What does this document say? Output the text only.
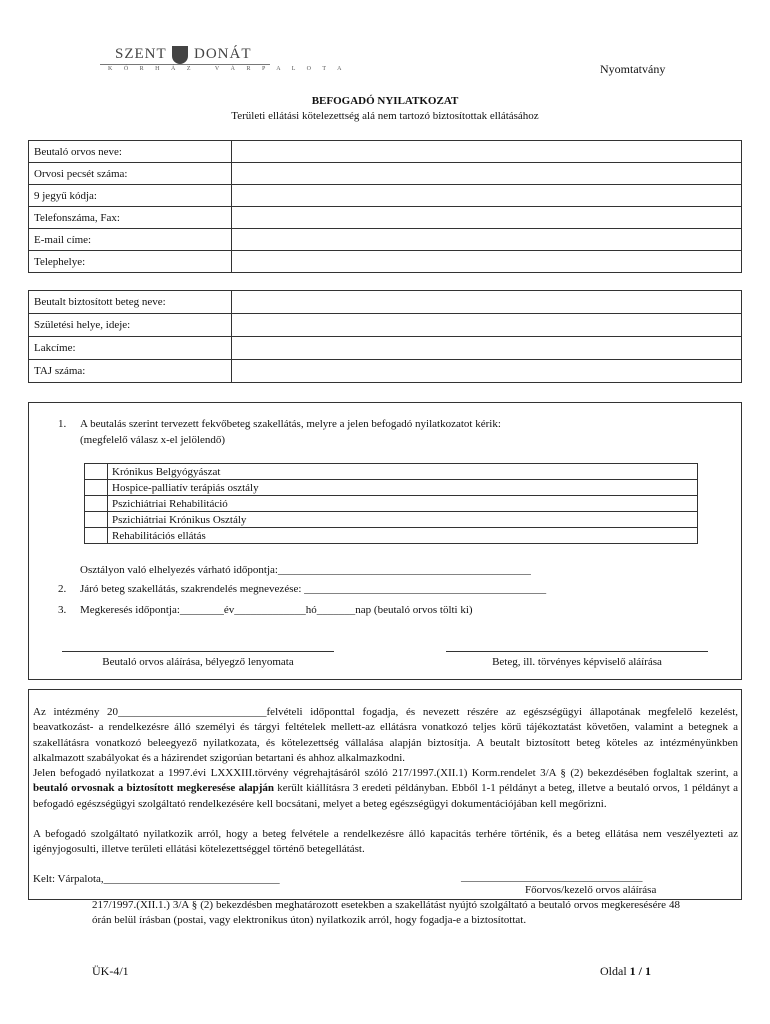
SZENT DONÁT
K Ó R H Á Z   V Á R P A L O T A	Nyomtatvány
BEFOGADÓ NYILATKOZAT
Területi ellátási kötelezettség alá nem tartozó biztosítottak ellátásához
Beutaló orvos neve:	
Orvosi pecsét száma:	
9 jegyű kódja:	
Telefonszáma, Fax:	
E-mail címe:	
Telephelye:	
Beutalt biztosított beteg neve:	
Születési helye, ideje:	
Lakcíme:	
TAJ száma:	
1. A beutalás szerint tervezett fekvőbeteg szakellátás, melyre a jelen befogadó nyilatkozatot kérik:
(megfelelő válasz x-el jelölendő)
	Krónikus Belgyógyászat
	Hospice-palliatív terápiás osztály
	Pszichiátriai Rehabilitáció
	Pszichiátriai Krónikus Osztály
	Rehabilitációs ellátás
Osztályon való elhelyezés várható időpontja:______________________________________________
2. Járó beteg szakellátás, szakrendelés megnevezése: ____________________________________________
3. Megkeresés időpontja:________év_____________hó_______nap (beutaló orvos tölti ki)
Beutaló orvos aláírása, bélyegző lenyomata	Beteg, ill. törvényes képviselő aláírása
Az intézmény 20___________________________felvételi időponttal fogadja, és nevezett részére az egészségügyi állapotának megfelelő kezelést, beavatkozást- a rendelkezésre álló személyi és tárgyi feltételek mellett-az ellátásra vonatkozó teljes körű tájékoztatást követően, valamint a betegnek a szakellátásra vonatkozó beleegyező nyilatkozata, és kötelezettség vállalása alapján biztosítja. A beutalt biztosított beteg köteles az intézményünkben alkalmazott szabályokat és a házirendet szigorúan betartani és ahhoz alkalmazkodni.
Jelen befogadó nyilatkozat a 1997.évi LXXXIII.törvény végrehajtásáról szóló 217/1997.(XII.1) Korm.rendelet 3/A § (2) bekezdésében foglaltak szerint, a beutaló orvosnak a biztosított megkeresése alapján került kiállításra 3 eredeti példányban. Ebből 1-1 példányt a beteg, illetve a beutaló orvos, 1 példányt a befogadó egészségügyi szolgáltató rendelkezésére kell bocsátani, melyet a beteg egészségügyi dokumentációjában kell megőrizni.
A befogadó szolgáltató nyilatkozik arról, hogy a beteg felvétele a rendelkezésre álló kapacitás terhére történik, és a beteg ellátása nem veszélyezteti az igényjogosulti, illetve területi ellátási kötelezettséggel történő betegellátást.
Kelt: Várpalota,________________________________	_________________________________
Főorvos/kezelő orvos aláírása
217/1997.(XII.1.) 3/A § (2) bekezdésben meghatározott esetekben a szakellátást nyújtó szolgáltató a beutaló orvos megkeresésére 48 órán belül írásban (postai, vagy elektronikus úton) nyilatkozik arról, hogy fogadja-e a biztosítottat.
ÜK-4/1	Oldal 1 / 1
